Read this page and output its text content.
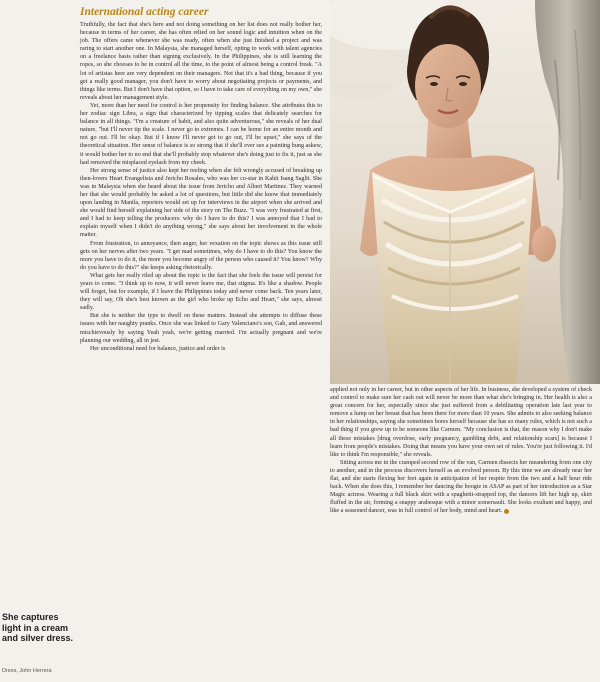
International acting career

Truthfully, the fact that she's here and not doing something on her list does not really bother her, because in terms of her career, she has often relied on her sound logic and intuition when on the job. The offers came whenever she was ready, often when she just finished a project and was raring to start another one. In Malaysia, she managed herself, opting to work with talent agencies on a freelance basis rather than signing exclusively. In the Philippines, she is still learning the ropes, so she chooses to be in control all the time, to the point of almost being a control freak. "A lot of artistas here are very dependent on their managers. Not that it's a bad thing, because if you get a really good manager, you don't have to worry about negotiating projects or payments, and things like terms. But I don't have that option, so I have to take care of everything on my own," she reveals about her management style.

Yet, more than her need for control is her propensity for finding balance. She attributes this to her zodiac sign Libra, a sign that characterized by tipping scales that delicately searches for balance in all things. "I'm a creature of habit, and also quite adventurous," she reveals of her dual nature, "but I'll never tip the scale. I never go to extremes. I can be home for an entire month and not go out. I'll be okay. But if I know I'll never get to go out, I'll be upset," she says of the theoretical situation. Her sense of balance is so strong that if she'll ever see a painting hung askew, it would bother her to no end that she'll probably stop whatever she's doing just to fix it, just as she had removed the misplaced eyelash from my cheek.

Her strong sense of justice also kept her reeling when she felt wrongly accused of breaking up then-lovers Heart Evangelista and Jericho Rosales, who was her co-star in Kahit Isang Saglit. She was in Malaysia when she heard about the issue from Jericho and Albert Martinez. They warned her that she would probably be asked a lot of questions, but little did she know that immediately upon landing in Manila, reporters would set up for interviews in the airport when she arrived and she would find herself explaining her side of the story on The Buzz. "I was very frustrated at first, and I had to keep telling the producers: why do I have to do this? I was annoyed that I had to explain myself when I didn't do anything wrong," she says about her involvement in the whole matter.

From frustration, to annoyance, then anger, her vexation on the topic shows as this issue still gets on her nerves after two years. "I get mad sometimes, why do I have to do this? You know the more you have to do it, the more you become angry of the person who caused it? You know? Why do you have to do this?" she keeps asking rhetorically.

What gets her really riled up about the topic is the fact that she feels the issue will persist for years to come. "I think up to now, it will never leave me, that stigma. It's like a shadow. People will forget, but for example, if I leave the Philippines today and never come back. Ten years later, they will say, Oh she's best known as the girl who broke up Echo and Heart," she says, almost sadly.

But she is neither the type to dwell on these matters. Instead she attempts to diffuse these issues with her naughty pranks. Once she was linked to Gary Valenciano's son, Gab, and answered mischievously by saying Yeah yeah, we're getting married. I'm actually pregnant and we're planning our wedding, all in jest.

Her unconditional need for balance, justice and order is

applied not only in her career, but in other aspects of her life. In business, she developed a system of check and control to make sure her cash out will never be more than what she's bringing in. Her health is also a great concern for her, especially since she just suffered from a debilitating operation late last year to remove a lump on her breast that has been there for more than 10 years. She admits to also seeking balance in her relationships, saying she sometimes bores herself because she has so many rules, which is not such a bad thing if you grew up to be someone like Carmen. "My conclusion is that, the reason why I don't make all these mistakes [drug overdose, early pregnancy, gambling debt, and relationship scars] is because I learn from people's mistakes. Doing that means you have your own set of rules. You're just following it. I'd like to think I'm responsible," she reveals.

Sitting across me in the cramped second row of the van, Carmen dissects her meandering from one city to another, and in the process discovers herself as an evolved person. By this time we are already near her flat, and she starts flexing her feet again in anticipation of her respite from the two and a half hour ride back. When she does this, I remember her dancing the boogie in ASAP as part of her introduction as a Star Magic actress. Wearing a full black skirt with a spaghetti-strapped top, the dancers lift her high up, skirt fluffed in the air, forming a snappy arabesque with a minor somersault. She looks exultant and happy, and like a seasoned dancer, was in full control of her body, mind and heart.

She captures light in a cream and silver dress.
Dress, John Herrera
